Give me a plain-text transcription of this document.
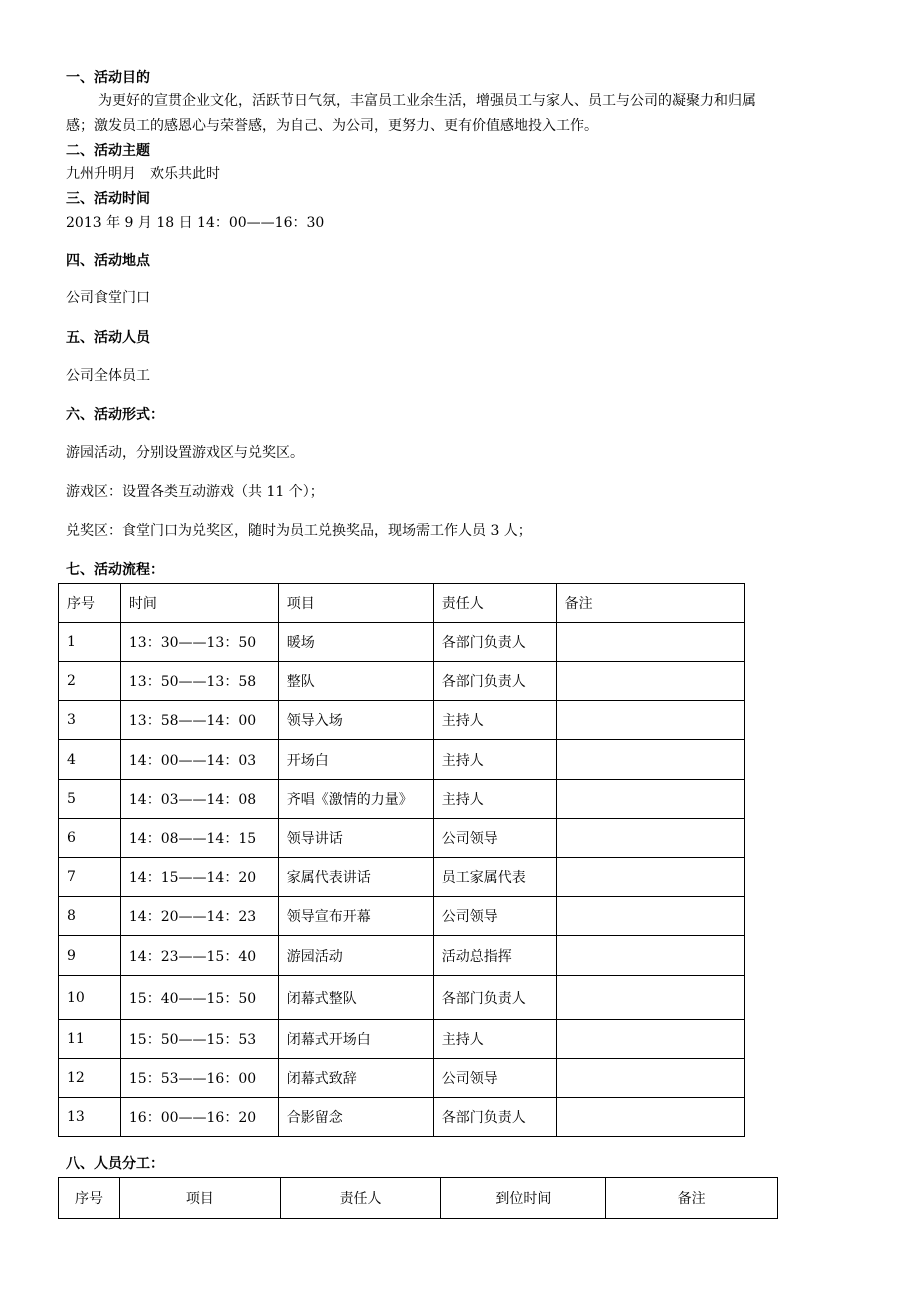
一、活动目的
为更好的宣贯企业文化，活跃节日气氛，丰富员工业余生活，增强员工与家人、员工与公司的凝聚力和归属
感；激发员工的感恩心与荣誉感，为自己、为公司，更努力、更有价值感地投入工作。
二、活动主题
九州升明月　欢乐共此时
三、活动时间
2013 年 9 月 18 日 14：00——16：30
四、活动地点
公司食堂门口
五、活动人员
公司全体员工
六、活动形式：
游园活动，分别设置游戏区与兑奖区。
游戏区：设置各类互动游戏（共 11 个）；
兑奖区：食堂门口为兑奖区，随时为员工兑换奖品，现场需工作人员 3 人；
七、活动流程：
序号	时间	项目	责任人	备注
1	13：30——13：50	暖场	各部门负责人	
2	13：50——13：58	整队	各部门负责人	
3	13：58——14：00	领导入场	主持人	
4	14：00——14：03	开场白	主持人	
5	14：03——14：08	齐唱《激情的力量》	主持人	
6	14：08——14：15	领导讲话	公司领导	
7	14：15——14：20	家属代表讲话	员工家属代表	
8	14：20——14：23	领导宣布开幕	公司领导	
9	14：23——15：40	游园活动	活动总指挥	
10	15：40——15：50	闭幕式整队	各部门负责人	
11	15：50——15：53	闭幕式开场白	主持人	
12	15：53——16：00	闭幕式致辞	公司领导	
13	16：00——16：20	合影留念	各部门负责人	
八、人员分工：
序号	项目	责任人	到位时间	备注
